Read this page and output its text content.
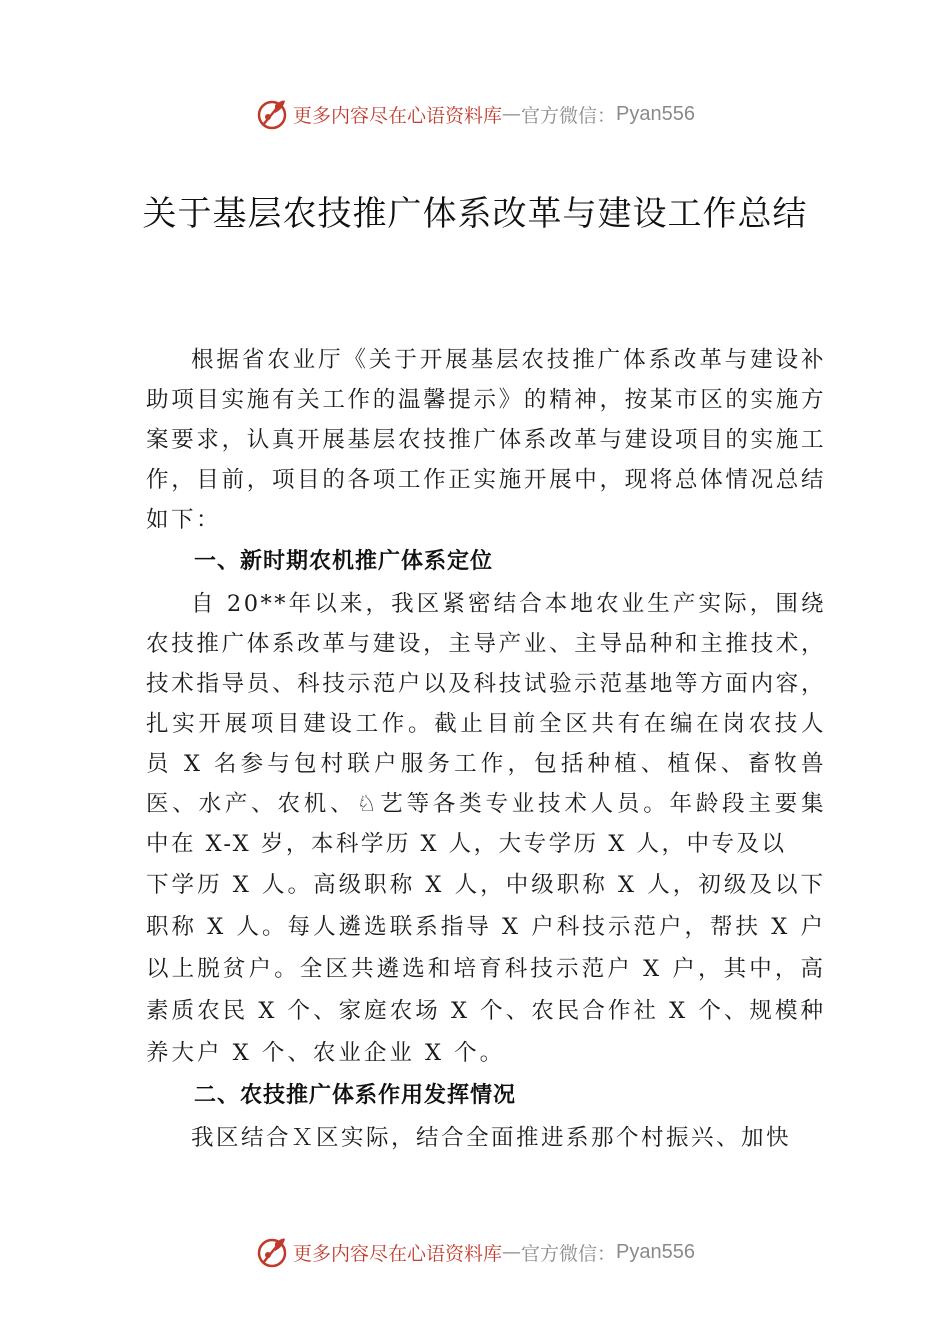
更多内容尽在心语资料库 — 官方微信： Pyan556
关于基层农技推广体系改革与建设工作总结

根据省农业厅《关于开展基层农技推广体系改革与建设补助项目实施有关工作的温馨提示》的精神，按某市区的实施方案要求，认真开展基层农技推广体系改革与建设项目的实施工作，目前，项目的各项工作正实施开展中，现将总体情况总结如下：

一、新时期农机推广体系定位

自 20**年以来，我区紧密结合本地农业生产实际，围绕农技推广体系改革与建设，主导产业、主导品种和主推技术， 技术指导员、科技示范户以及科技试验示范基地等方面内容， 扎实开展项目建设工作。截止目前全区共有在编在岗农技人 员 X 名参与包村联户服务工作，包括种植、植保、畜牧兽医、水产、农机、♘艺等各类专业技术人员。年龄段主要集 中在 X-X 岁，本科学历 X 人，大专学历 X 人，中专及以

下学历 X 人。高级职称 X 人，中级职称 X 人，初级及以下职称 X 人。每人遴选联系指导 X 户科技示范户，帮扶 X 户以上脱贫户。全区共遴选和培育科技示范户 X 户，其中，高素质农民 X 个、家庭农场 X 个、农民合作社 X 个、规模种养大户 X 个、农业企业 X 个。

二、农技推广体系作用发挥情况

我区结合Ｘ区实际，结合全面推进系那个村振兴、加快

更多内容尽在心语资料库 — 官方微信： Pyan556
